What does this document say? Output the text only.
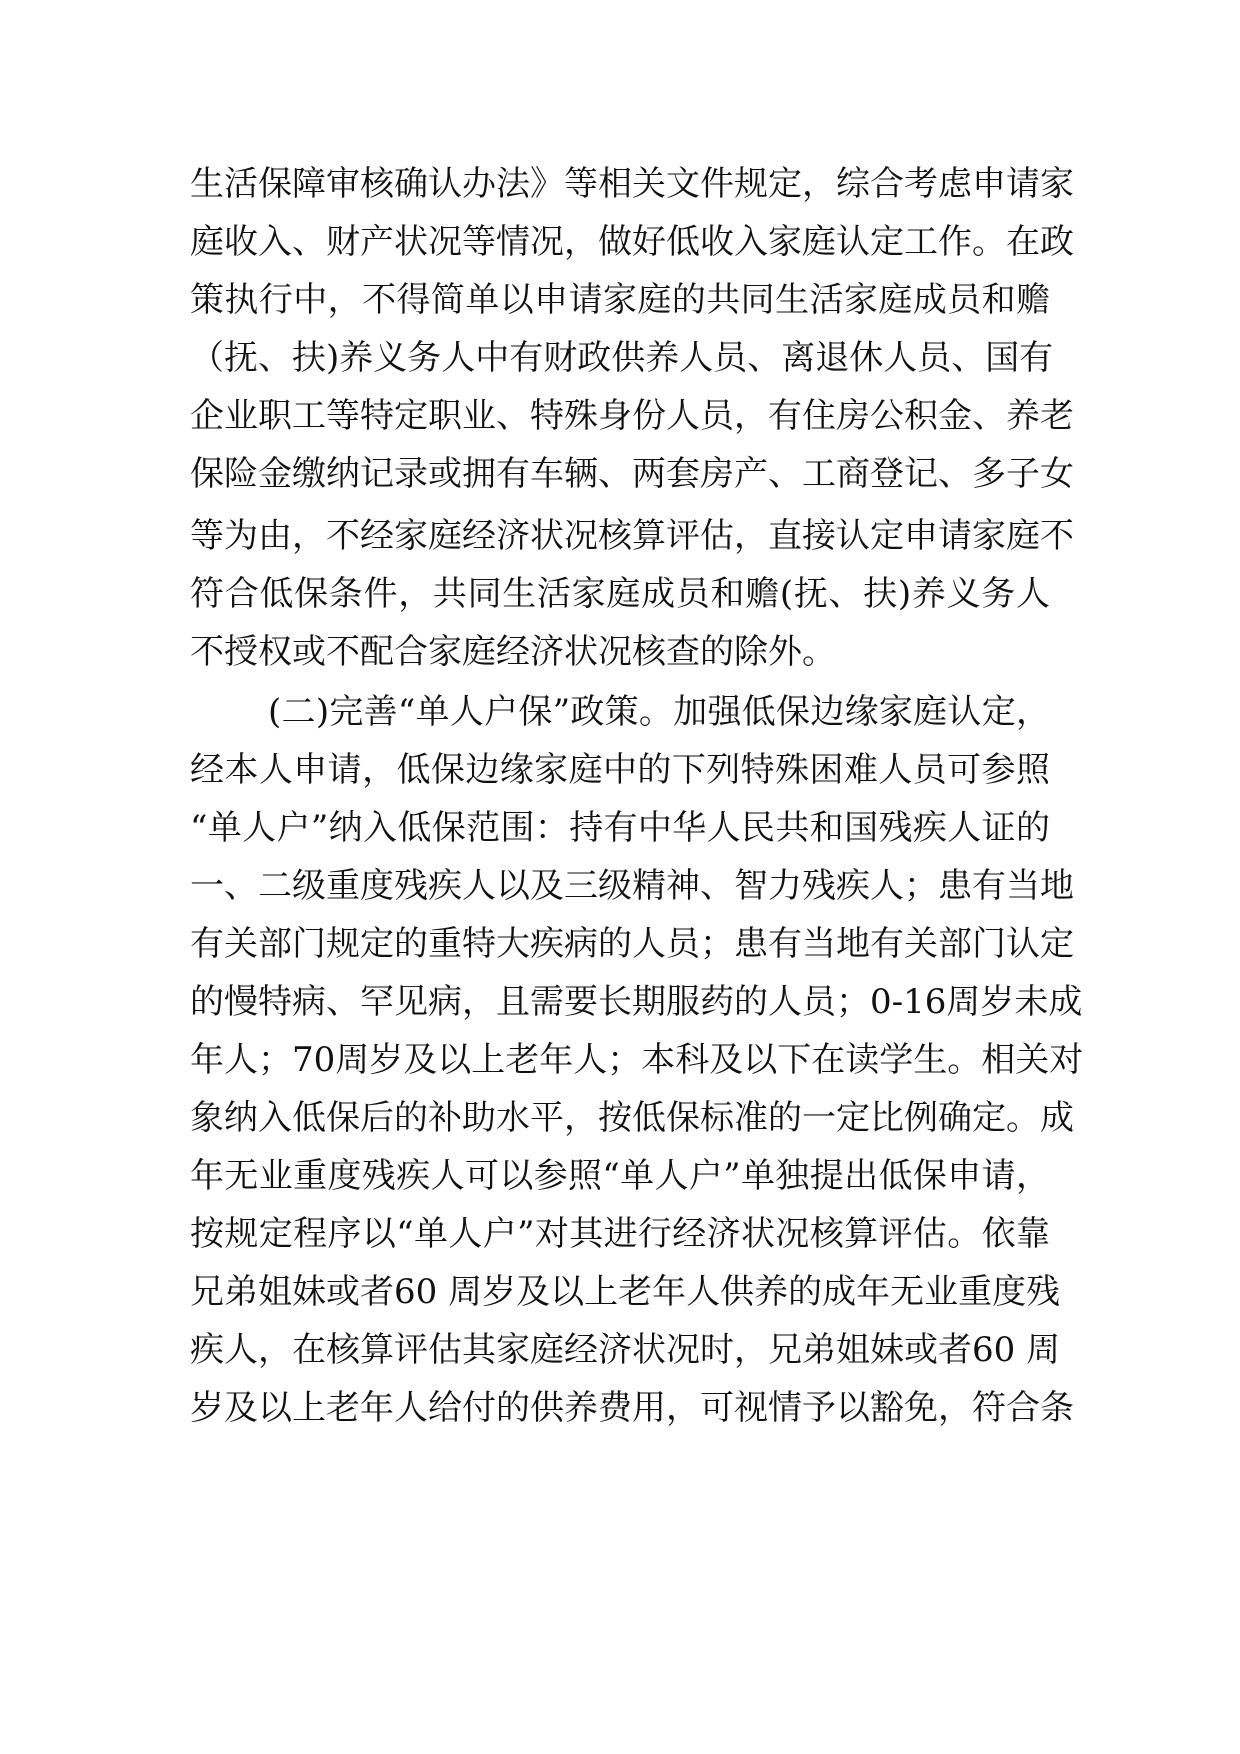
生活保障审核确认办法》等相关文件规定，综合考虑申请家
庭收入、财产状况等情况，做好低收入家庭认定工作。在政
策执行中，不得简单以申请家庭的共同生活家庭成员和赡
（抚、扶)养义务人中有财政供养人员、离退休人员、国有
企业职工等特定职业、特殊身份人员，有住房公积金、养老
保险金缴纳记录或拥有车辆、两套房产、工商登记、多子女
等为由，不经家庭经济状况核算评估，直接认定申请家庭不
符合低保条件，共同生活家庭成员和赡(抚、扶)养义务人
不授权或不配合家庭经济状况核查的除外。
(二)完善“单人户保”政策。加强低保边缘家庭认定，
经本人申请，低保边缘家庭中的下列特殊困难人员可参照
“单人户”纳入低保范围：持有中华人民共和国残疾人证的
一、二级重度残疾人以及三级精神、智力残疾人；患有当地
有关部门规定的重特大疾病的人员；患有当地有关部门认定
的慢特病、罕见病，且需要长期服药的人员；0-16周岁未成
年人；70周岁及以上老年人；本科及以下在读学生。相关对
象纳入低保后的补助水平，按低保标准的一定比例确定。成
年无业重度残疾人可以参照“单人户”单独提出低保申请，
按规定程序以“单人户”对其进行经济状况核算评估。依靠
兄弟姐妹或者60 周岁及以上老年人供养的成年无业重度残
疾人，在核算评估其家庭经济状况时，兄弟姐妹或者60 周
岁及以上老年人给付的供养费用，可视情予以豁免，符合条
